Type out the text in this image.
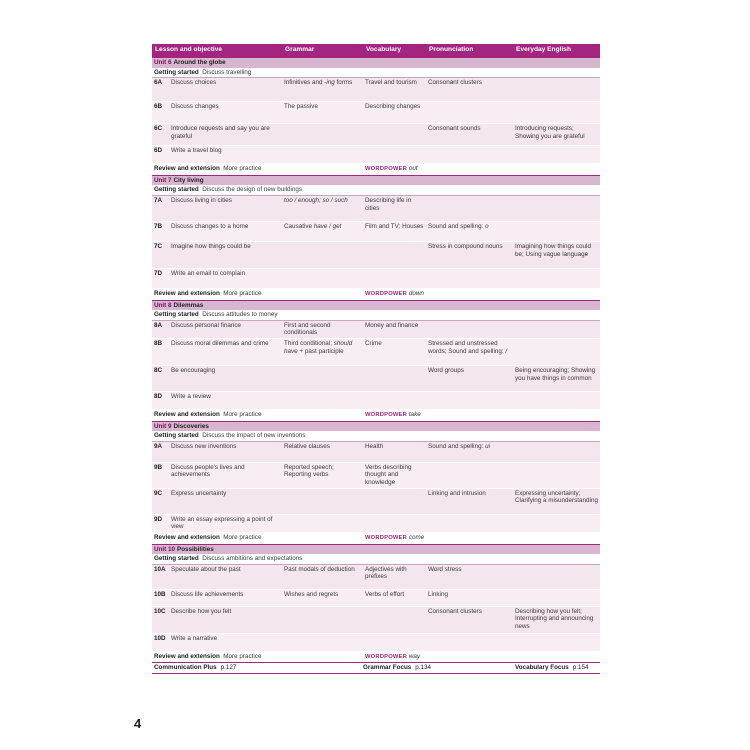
Lesson and objective	Grammar	Vocabulary	Pronunciation	Everyday English
Unit 6 Around the globe				
Getting started Discuss travelling				
6A Discuss choices	Infinitives and -ing forms	Travel and tourism	Consonant clusters	
6B Discuss changes	The passive	Describing changes		
6C Introduce requests and say you are grateful			Consonant sounds	Introducing requests; Showing you are grateful
6D Write a travel blog				
Review and extension More practice		WORDPOWER out		
Unit 7 City living				
Getting started Discuss the design of new buildings				
7A Discuss living in cities	too / enough; so / such	Describing life in cities		
7B Discuss changes to a home	Causative have / get	Film and TV; Houses	Sound and spelling: o	
7C Imagine how things could be			Stress in compound nouns	Imagining how things could be; Using vague language
7D Write an email to complain				
Review and extension More practice		WORDPOWER down		
Unit 8 Dilemmas				
Getting started Discuss attitudes to money				
8A Discuss personal finance	First and second conditionals	Money and finance		
8B Discuss moral dilemmas and crime	Third conditional; should have + past participle	Crime	Stressed and unstressed words; Sound and spelling: /	
8C Be encouraging			Word groups	Being encouraging; Showing you have things in common
8D Write a review				
Review and extension More practice		WORDPOWER take		
Unit 9 Discoveries				
Getting started Discuss the impact of new inventions				
9A Discuss new inventions	Relative clauses	Health	Sound and spelling: ui	
9B Discuss people's lives and achievements	Reported speech; Reporting verbs	Verbs describing thought and knowledge		
9C Express uncertainty			Linking and intrusion	Expressing uncertainty; Clarifying a misunderstanding
9D Write an essay expressing a point of view				
Review and extension More practice		WORDPOWER come		
Unit 10 Possibilities				
Getting started Discuss ambitions and expectations				
10A Speculate about the past	Past modals of deduction	Adjectives with prefixes	Word stress	
10B Discuss life achievements	Wishes and regrets	Verbs of effort	Linking	
10C Describe how you felt			Consonant clusters	Describing how you felt; Interrupting and announcing news
10D Write a narrative				
Review and extension More practice		WORDPOWER way		
Communication Plus p.127		Grammar Focus p.134		Vocabulary Focus p.154
4
